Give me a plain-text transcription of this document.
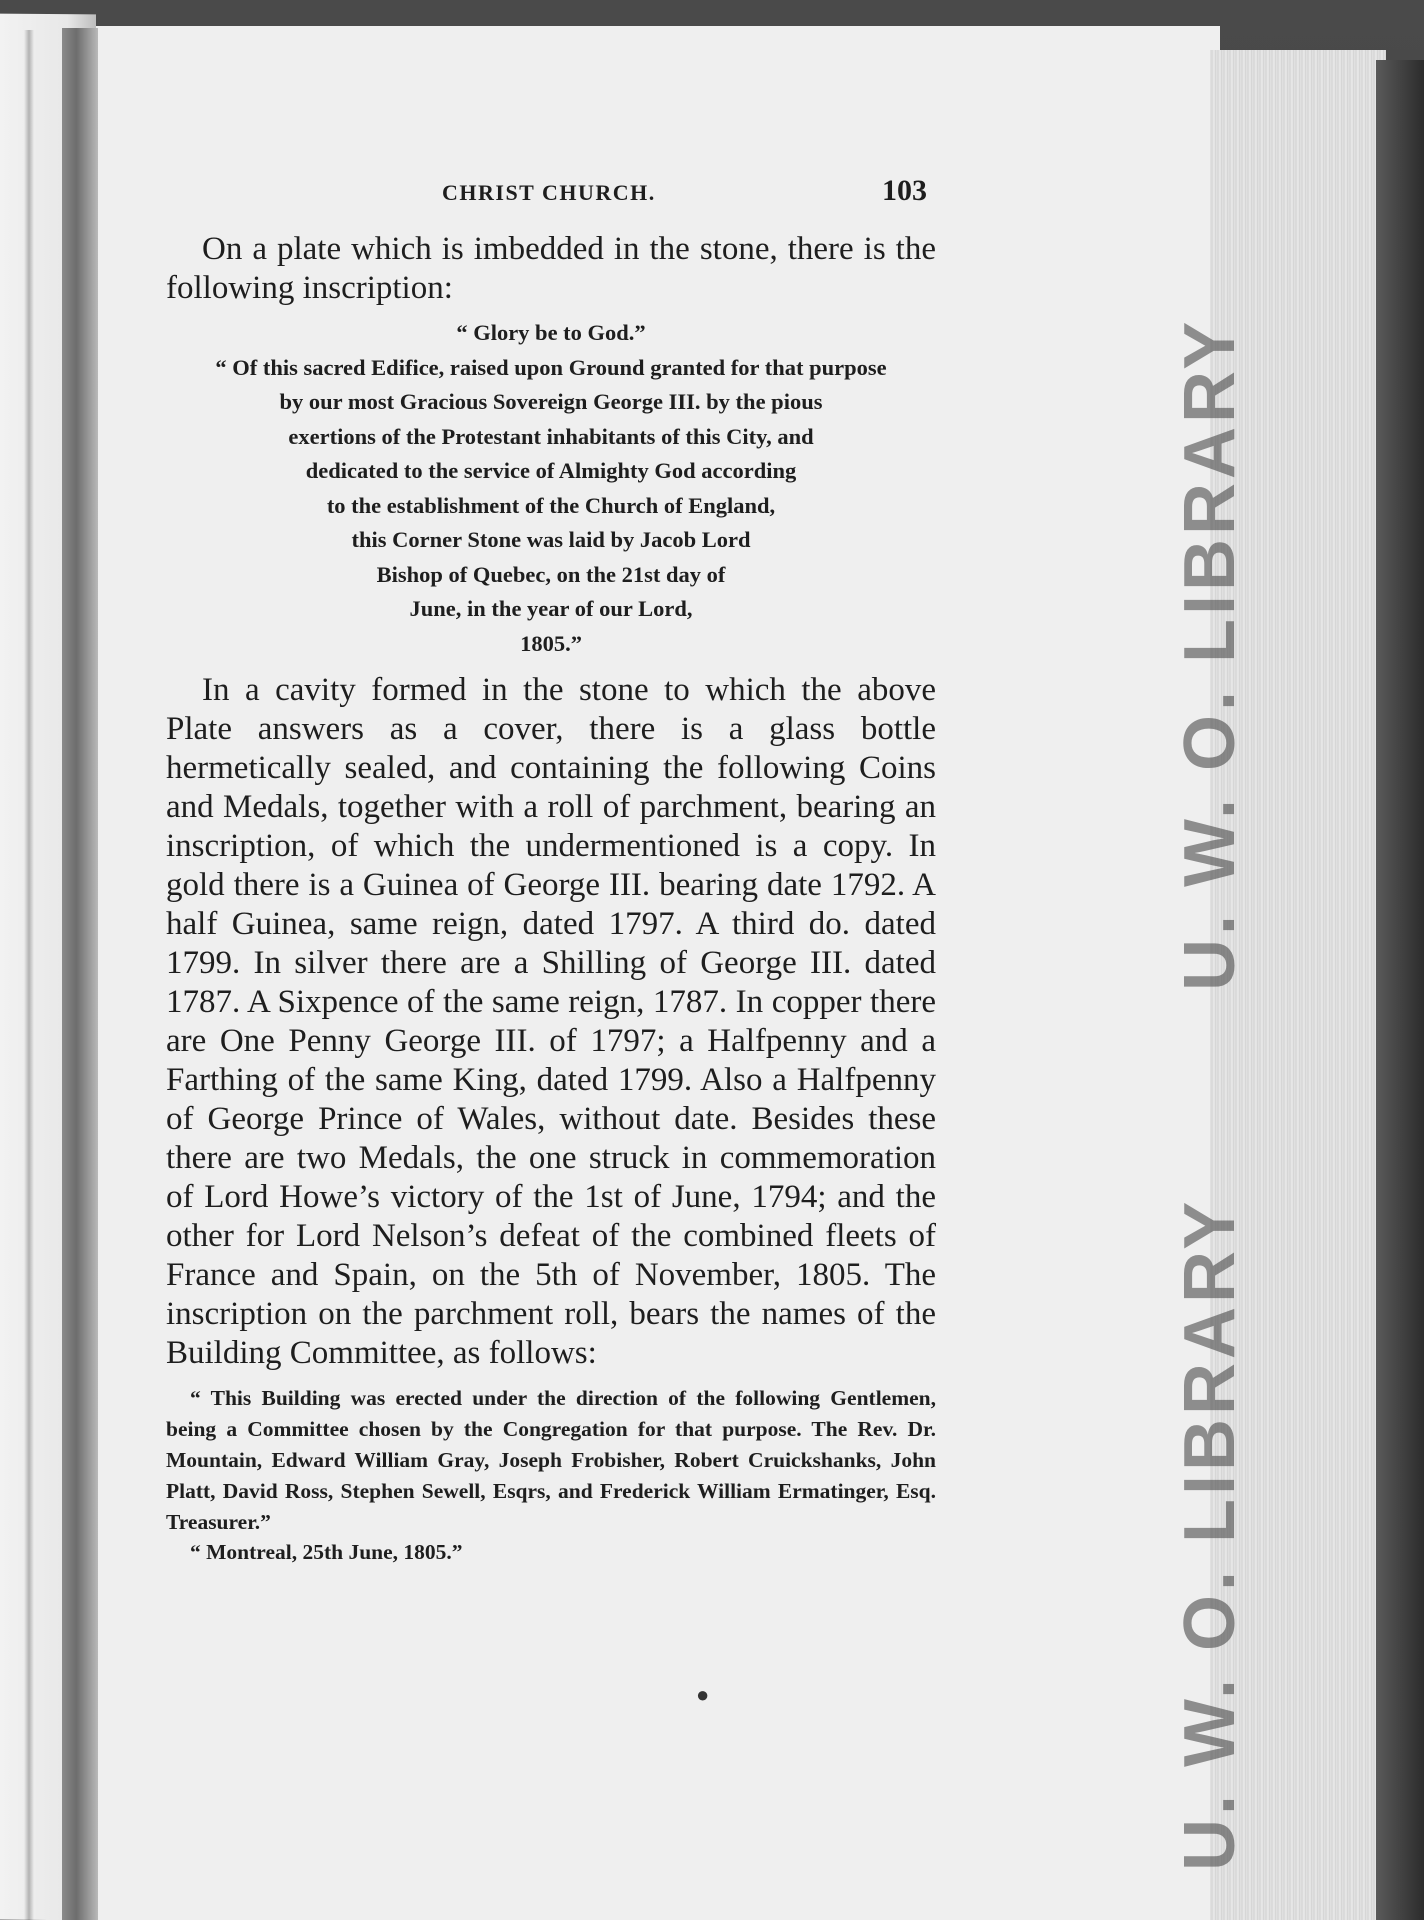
U. W. O. LIBRARY
U. W. O. LIBRARY
CHRIST CHURCH.	103

On a plate which is imbedded in the stone, there is the following inscription:

“ Glory be to God.”
“ Of this sacred Edifice, raised upon Ground granted for that purpose
by our most Gracious Sovereign George III. by the pious
exertions of the Protestant inhabitants of this City, and
dedicated to the service of Almighty God according
to the establishment of the Church of England,
this Corner Stone was laid by Jacob Lord
Bishop of Quebec, on the 21st day of
June, in the year of our Lord,
1805.”

In a cavity formed in the stone to which the above Plate answers as a cover, there is a glass bottle hermetically sealed, and containing the following Coins and Medals, together with a roll of parchment, bearing an inscription, of which the undermentioned is a copy. In gold there is a Guinea of George III. bearing date 1792. A half Guinea, same reign, dated 1797. A third do. dated 1799. In silver there are a Shilling of George III. dated 1787. A Sixpence of the same reign, 1787. In copper there are One Penny George III. of 1797; a Halfpenny and a Farthing of the same King, dated 1799. Also a Halfpenny of George Prince of Wales, without date. Besides these there are two Medals, the one struck in commemoration of Lord Howe’s victory of the 1st of June, 1794; and the other for Lord Nelson’s defeat of the combined fleets of France and Spain, on the 5th of November, 1805. The inscription on the parchment roll, bears the names of the Building Committee, as follows:

“ This Building was erected under the direction of the following Gentlemen, being a Committee chosen by the Congregation for that purpose. The Rev. Dr. Mountain, Edward William Gray, Joseph Frobisher, Robert Cruickshanks, John Platt, David Ross, Stephen Sewell, Esqrs, and Frederick William Ermatinger, Esq. Treasurer.”
“ Montreal, 25th June, 1805.”
●
